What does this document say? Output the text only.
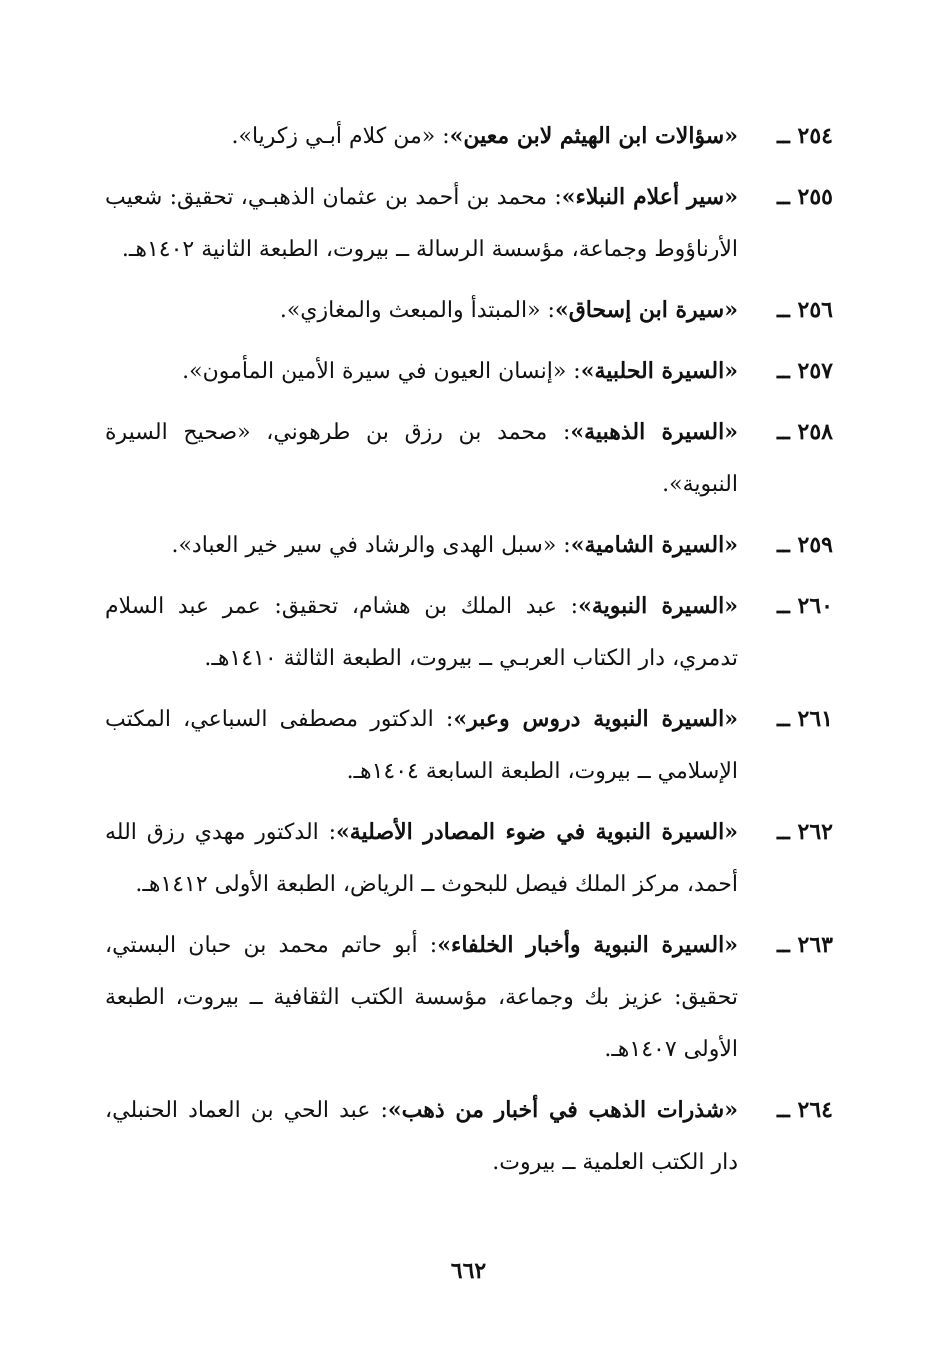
٢٥٤ ــ
«سؤالات ابن الهيثم لابن معين»: «من كلام أبـي زكريا».
٢٥٥ ــ
«سير أعلام النبلاء»: محمد بن أحمد بن عثمان الذهبـي، تحقيق: شعيب الأرناؤوط وجماعة، مؤسسة الرسالة ــ بيروت، الطبعة الثانية ١٤٠٢هـ.
٢٥٦ ــ
«سيرة ابن إسحاق»: «المبتدأ والمبعث والمغازي».
٢٥٧ ــ
«السيرة الحلبية»: «إنسان العيون في سيرة الأمين المأمون».
٢٥٨ ــ
«السيرة الذهبية»: محمد بن رزق بن طرهوني، «صحيح السيرة النبوية».
٢٥٩ ــ
«السيرة الشامية»: «سبل الهدى والرشاد في سير خير العباد».
٢٦٠ ــ
«السيرة النبوية»: عبد الملك بن هشام، تحقيق: عمر عبد السلام تدمري، دار الكتاب العربـي ــ بيروت، الطبعة الثالثة ١٤١٠هـ.
٢٦١ ــ
«السيرة النبوية دروس وعبر»: الدكتور مصطفى السباعي، المكتب الإسلامي ــ بيروت، الطبعة السابعة ١٤٠٤هـ.
٢٦٢ ــ
«السيرة النبوية في ضوء المصادر الأصلية»: الدكتور مهدي رزق الله أحمد، مركز الملك فيصل للبحوث ــ الرياض، الطبعة الأولى ١٤١٢هـ.
٢٦٣ ــ
«السيرة النبوية وأخبار الخلفاء»: أبو حاتم محمد بن حبان البستي، تحقيق: عزيز بك وجماعة، مؤسسة الكتب الثقافية ــ بيروت، الطبعة الأولى ١٤٠٧هـ.
٢٦٤ ــ
«شذرات الذهب في أخبار من ذهب»: عبد الحي بن العماد الحنبلي، دار الكتب العلمية ــ بيروت.
٦٦٢
